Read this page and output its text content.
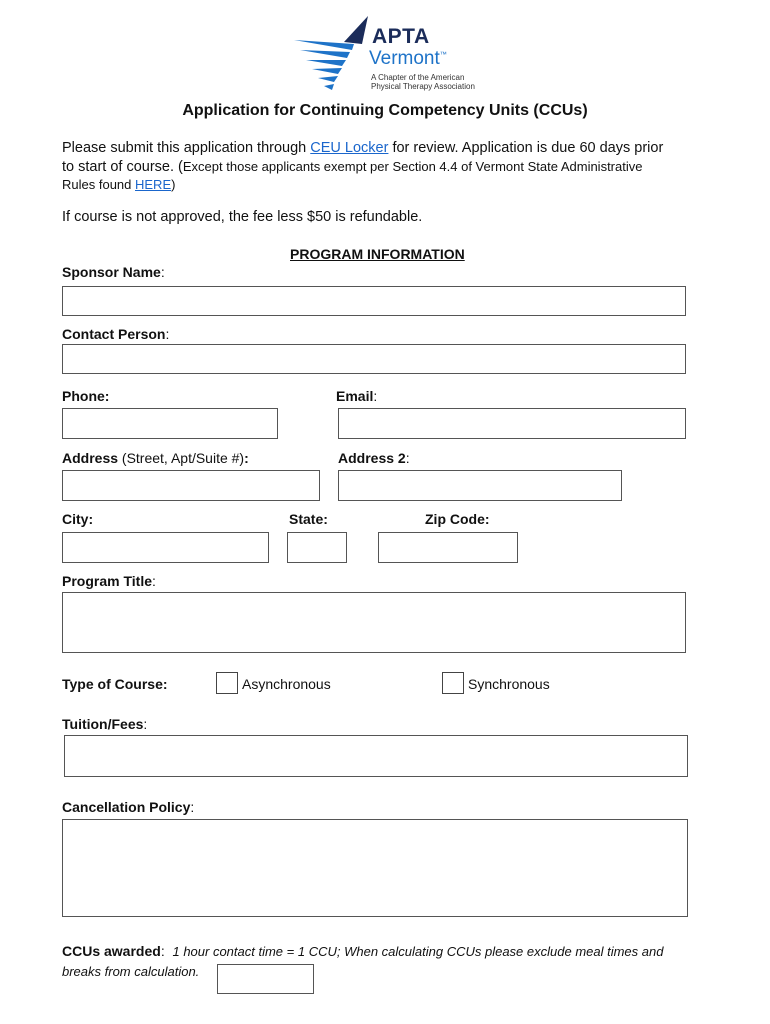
APTA
Vermont™
A Chapter of the American
Physical Therapy Association
Application for Continuing Competency Units (CCUs)
Please submit this application through CEU Locker for review. Application is due 60 days prior
to start of course. (Except those applicants exempt per Section 4.4 of Vermont State Administrative
Rules found HERE)
If course is not approved, the fee less $50 is refundable.
PROGRAM INFORMATION
Sponsor Name:
Contact Person:
Phone:	Email:
Address (Street, Apt/Suite #):	Address 2:
City:	State:	Zip Code:
Program Title:
Type of Course:	Asynchronous	Synchronous
Tuition/Fees:
Cancellation Policy:
CCUs awarded: 1 hour contact time = 1 CCU; When calculating CCUs please exclude meal times and
breaks from calculation.
